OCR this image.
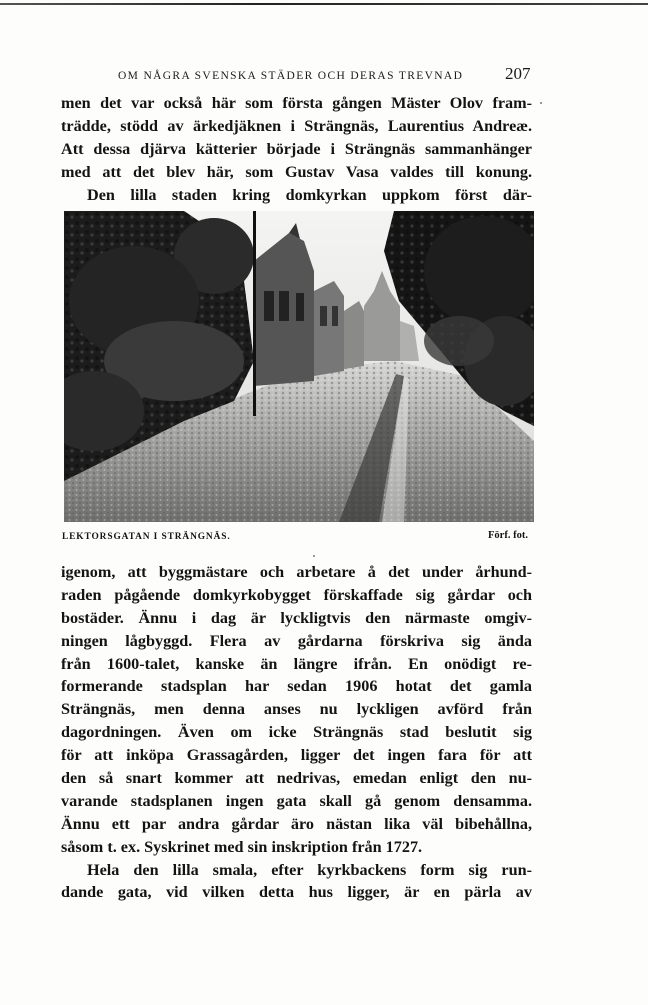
OM NÅGRA SVENSKA STÄDER OCH DERAS TREVNAD	207
men det var också här som första gången Mäster Olov fram-
trädde, stödd av ärkedjäknen i Strängnäs, Laurentius Andreæ.
Att dessa djärva kätterier började i Strängnäs sammanhänger
med att det blev här, som Gustav Vasa valdes till konung.
Den lilla staden kring domkyrkan uppkom först där-
LEKTORSGATAN I STRÄNGNÄS.	Förf. fot.
igenom, att byggmästare och arbetare å det under århund-
raden pågående domkyrkobygget förskaffade sig gårdar och
bostäder. Ännu i dag är lyckligtvis den närmaste omgiv-
ningen lågbyggd. Flera av gårdarna förskriva sig ända
från 1600-talet, kanske än längre ifrån. En onödigt re-
formerande stadsplan har sedan 1906 hotat det gamla
Strängnäs, men denna anses nu lyckligen avförd från
dagordningen. Även om icke Strängnäs stad beslutit sig
för att inköpa Grassagården, ligger det ingen fara för att
den så snart kommer att nedrivas, emedan enligt den nu-
varande stadsplanen ingen gata skall gå genom densamma.
Ännu ett par andra gårdar äro nästan lika väl bibehållna,
såsom t. ex. Syskrinet med sin inskription från 1727.
Hela den lilla smala, efter kyrkbackens form sig run-
dande gata, vid vilken detta hus ligger, är en pärla av
